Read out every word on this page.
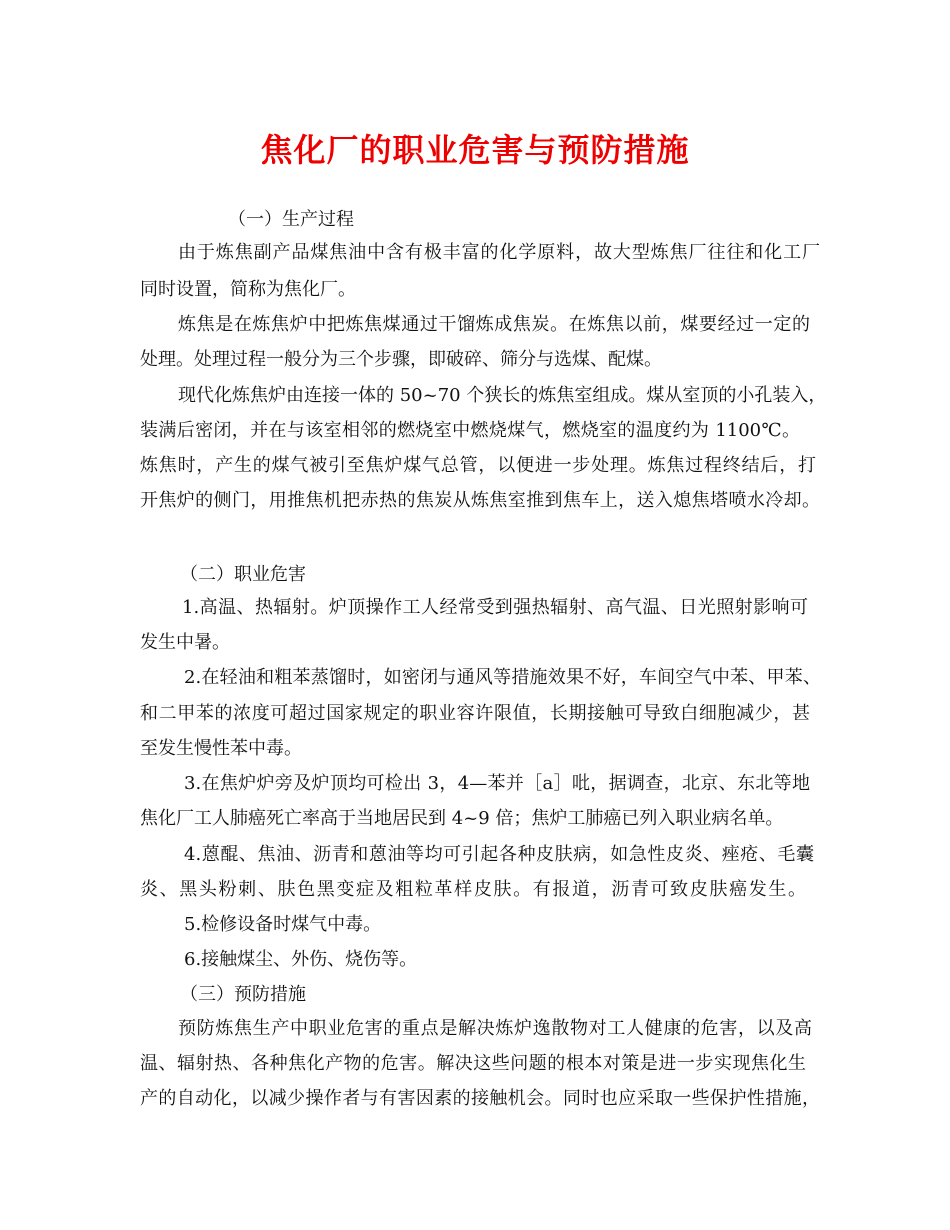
焦化厂的职业危害与预防措施

（一）生产过程

由于炼焦副产品煤焦油中含有极丰富的化学原料，故大型炼焦厂往往和化工厂

同时设置，简称为焦化厂。

炼焦是在炼焦炉中把炼焦煤通过干馏炼成焦炭。在炼焦以前，煤要经过一定的

处理。处理过程一般分为三个步骤，即破碎、筛分与选煤、配煤。

现代化炼焦炉由连接一体的 50~70 个狭长的炼焦室组成。煤从室顶的小孔装入，

装满后密闭，并在与该室相邻的燃烧室中燃烧煤气，燃烧室的温度约为 1100℃。

炼焦时，产生的煤气被引至焦炉煤气总管，以便进一步处理。炼焦过程终结后，打

开焦炉的侧门，用推焦机把赤热的焦炭从炼焦室推到焦车上，送入熄焦塔喷水冷却。

（二）职业危害

1.高温、热辐射。炉顶操作工人经常受到强热辐射、高气温、日光照射影响可

发生中暑。

2.在轻油和粗苯蒸馏时，如密闭与通风等措施效果不好，车间空气中苯、甲苯、

和二甲苯的浓度可超过国家规定的职业容许限值，长期接触可导致白细胞减少，甚

至发生慢性苯中毒。

3.在焦炉炉旁及炉顶均可检出 3，4—苯并［a］吡，据调查，北京、东北等地

焦化厂工人肺癌死亡率高于当地居民到 4~9 倍；焦炉工肺癌已列入职业病名单。

4.蒽醌、焦油、沥青和蒽油等均可引起各种皮肤病，如急性皮炎、痤疮、毛囊

炎、黑头粉刺、肤色黑变症及粗粒革样皮肤。有报道，沥青可致皮肤癌发生。

5.检修设备时煤气中毒。

6.接触煤尘、外伤、烧伤等。

（三）预防措施

预防炼焦生产中职业危害的重点是解决炼炉逸散物对工人健康的危害，以及高

温、辐射热、各种焦化产物的危害。解决这些问题的根本对策是进一步实现焦化生

产的自动化，以减少操作者与有害因素的接触机会。同时也应采取一些保护性措施，
